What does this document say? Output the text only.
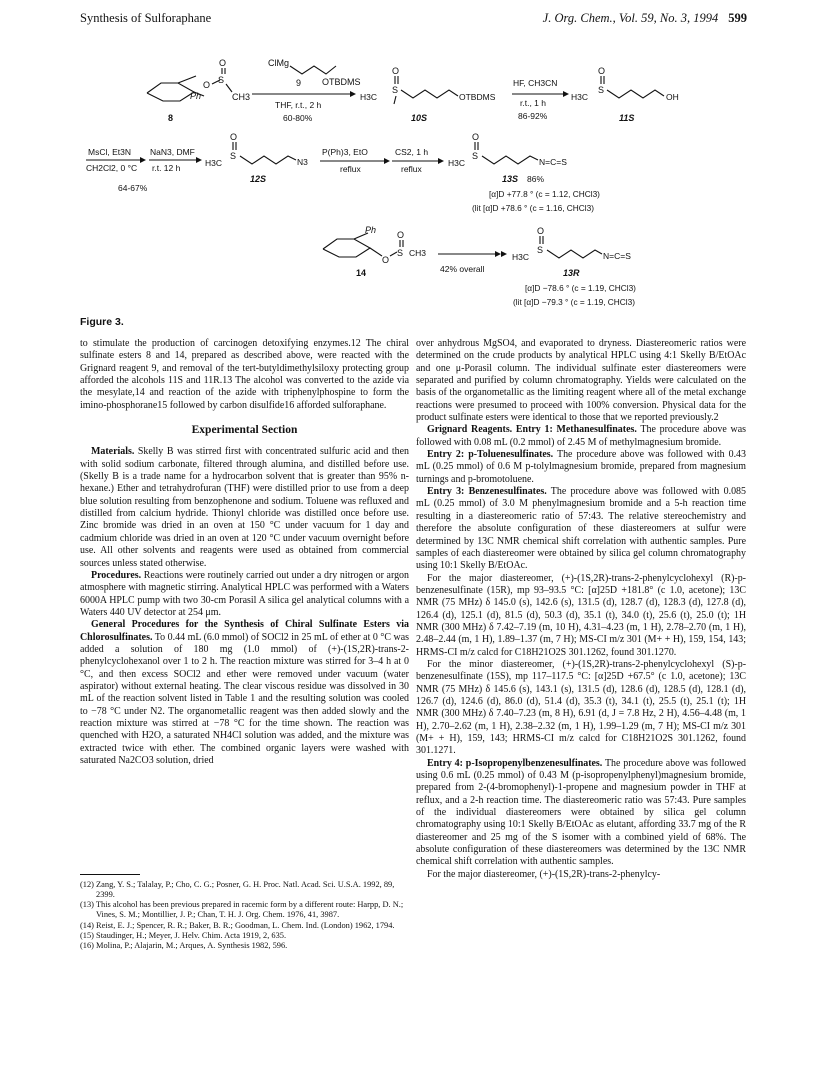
Synthesis of Sulforaphane	J. Org. Chem., Vol. 59, No. 3, 1994 599
Ph
O S
O
CH3
8
ClMg
OTBDMS
9
THF, r.t., 2 h
60-80%
H3C
S
O
OTBDMS
10S
HF, CH3CN
r.t., 1 h
86-92%
H3C
S
O
OH
11S
MsCl, Et3N
CH2Cl2, 0 °C
NaN3, DMF
r.t. 12 h
64-67%
H3C
S
O
N3
12S
P(Ph)3, EtO
reflux
CS2, 1 h
reflux
H3C
S
O
N=C=S
13S 86%
[α]D +77.8 ° (c = 1.12, CHCl3)
(lit [α]D +78.6 ° (c = 1.16, CHCl3)
Ph
O
S
O
CH3
14	42% overall
H3C
S
O
N=C=S
13R
[α]D −78.6 ° (c = 1.19, CHCl3)
(lit [α]D −79.3 ° (c = 1.19, CHCl3)
Figure 3.

to stimulate the production of carcinogen detoxifying enzymes.12 The chiral sulfinate esters 8 and 14, prepared as described above, were reacted with the Grignard reagent 9, and removal of the tert-butyldimethylsiloxy protecting group afforded the alcohols 11S and 11R.13 The alcohol was converted to the azide via the mesylate,14 and reaction of the azide with triphenylphospine to form the imino-phosphorane15 followed by carbon disulfide16 afforded sulforaphane.

Experimental Section

Materials. Skelly B was stirred first with concentrated sulfuric acid and then with solid sodium carbonate, filtered through alumina, and distilled before use. (Skelly B is a trade name for a hydrocarbon solvent that is greater than 95% n-hexane.) Ether and tetrahydrofuran (THF) were distilled prior to use from a deep blue solution resulting from benzophenone and sodium. Toluene was refluxed and distilled from calcium hydride. Thionyl chloride was distilled once before use. Zinc bromide was dried in an oven at 150 °C under vacuum for 1 day and cadmium chloride was dried in an oven at 120 °C under vacuum overnight before use. All other solvents and reagents were used as obtained from commercial sources unless stated otherwise.

Procedures. Reactions were routinely carried out under a dry nitrogen or argon atmosphere with magnetic stirring. Analytical HPLC was performed with a Waters 6000A HPLC pump with two 30-cm Porasil A silica gel analytical columns with a Waters 440 UV detector at 254 μm.

General Procedures for the Synthesis of Chiral Sulfinate Esters via Chlorosulfinates. To 0.44 mL (6.0 mmol) of SOCl2 in 25 mL of ether at 0 °C was added a solution of 180 mg (1.0 mmol) of (+)-(1S,2R)-trans-2-phenylcyclohexanol over 1 to 2 h. The reaction mixture was stirred for 3–4 h at 0 °C, and then excess SOCl2 and ether were removed under vacuum (water aspirator) without external heating. The clear viscous residue was dissolved in 30 mL of the reaction solvent listed in Table 1 and the resulting solution was cooled to −78 °C under N2. The organometallic reagent was then added slowly and the reaction mixture was stirred at −78 °C for the time shown. The reaction was quenched with H2O, a saturated NH4Cl solution was added, and the mixture was extracted twice with ether. The combined organic layers were washed with saturated Na2CO3 solution, dried

(12) Zang, Y. S.; Talalay, P.; Cho, C. G.; Posner, G. H. Proc. Natl. Acad. Sci. U.S.A. 1992, 89, 2399.
(13) This alcohol has been previous prepared in racemic form by a different route: Harpp, D. N.; Vines, S. M.; Montillier, J. P.; Chan, T. H. J. Org. Chem. 1976, 41, 3987.
(14) Reist, E. J.; Spencer, R. R.; Baker, B. R.; Goodman, L. Chem. Ind. (London) 1962, 1794.
(15) Staudinger, H.; Meyer, J. Helv. Chim. Acta 1919, 2, 635.
(16) Molina, P.; Alajarin, M.; Arques, A. Synthesis 1982, 596.

over anhydrous MgSO4, and evaporated to dryness. Diastereomeric ratios were determined on the crude products by analytical HPLC using 4:1 Skelly B/EtOAc and one μ-Porasil column. The individual sulfinate ester diastereomers were separated and purified by column chromatography. Yields were calculated on the basis of the organometallic as the limiting reagent where all of the metal exchange reactions were presumed to proceed with 100% conversion. Physical data for the product sulfinate esters were identical to those that we reported previously.2

Grignard Reagents. Entry 1: Methanesulfinates. The procedure above was followed with 0.08 mL (0.2 mmol) of 2.45 M of methylmagnesium bromide.

Entry 2: p-Toluenesulfinates. The procedure above was followed with 0.43 mL (0.25 mmol) of 0.6 M p-tolylmagnesium bromide, prepared from magnesium turnings and p-bromotoluene.

Entry 3: Benzenesulfinates. The procedure above was followed with 0.085 mL (0.25 mmol) of 3.0 M phenylmagnesium bromide and a 5-h reaction time resulting in a diastereomeric ratio of 57:43. The relative stereochemistry and therefore the absolute configuration of these diastereomers at sulfur were determined by 13C NMR chemical shift correlation with authentic samples. Pure samples of each diastereomer were obtained by silica gel column chromatography using 10:1 Skelly B/EtOAc.

For the major diastereomer, (+)-(1S,2R)-trans-2-phenylcyclohexyl (R)-p-benzenesulfinate (15R), mp 93–93.5 °C: [α]25D +181.8° (c 1.0, acetone); 13C NMR (75 MHz) δ 145.0 (s), 142.6 (s), 131.5 (d), 128.7 (d), 128.3 (d), 127.8 (d), 126.4 (d), 125.1 (d), 81.5 (d), 50.3 (d), 35.1 (t), 34.0 (t), 25.6 (t), 25.0 (t); 1H NMR (300 MHz) δ 7.42–7.19 (m, 10 H), 4.31–4.23 (m, 1 H), 2.78–2.70 (m, 1 H), 2.48–2.44 (m, 1 H), 1.89–1.37 (m, 7 H); MS-CI m/z 301 (M+ + H), 159, 154, 143; HRMS-CI m/z calcd for C18H21O2S 301.1262, found 301.1270.

For the minor diastereomer, (+)-(1S,2R)-trans-2-phenylcyclohexyl (S)-p-benzenesulfinate (15S), mp 117–117.5 °C: [α]25D +67.5° (c 1.0, acetone); 13C NMR (75 MHz) δ 145.6 (s), 143.1 (s), 131.5 (d), 128.6 (d), 128.5 (d), 128.1 (d), 126.7 (d), 124.6 (d), 86.0 (d), 51.4 (d), 35.3 (t), 34.1 (t), 25.5 (t), 25.1 (t); 1H NMR (300 MHz) δ 7.40–7.23 (m, 8 H), 6.91 (d, J = 7.8 Hz, 2 H), 4.56–4.48 (m, 1 H), 2.70–2.62 (m, 1 H), 2.38–2.32 (m, 1 H), 1.99–1.29 (m, 7 H); MS-CI m/z 301 (M+ + H), 159, 143; HRMS-CI m/z calcd for C18H21O2S 301.1262, found 301.1271.

Entry 4: p-Isopropenylbenzenesulfinates. The procedure above was followed using 0.6 mL (0.25 mmol) of 0.43 M (p-isopropenylphenyl)magnesium bromide, prepared from 2-(4-bromophenyl)-1-propene and magnesium powder in THF at reflux, and a 2-h reaction time. The diastereomeric ratio was 57:43. Pure samples of the individual diastereomers were obtained by silica gel column chromatography using 10:1 Skelly B/EtOAc as elutant, affording 33.7 mg of the R diastereomer and 25 mg of the S isomer with a combined yield of 68%. The absolute configuration of these diastereomers was determined by the 13C NMR chemical shift correlation with authentic samples.

For the major diastereomer, (+)-(1S,2R)-trans-2-phenylcy-
